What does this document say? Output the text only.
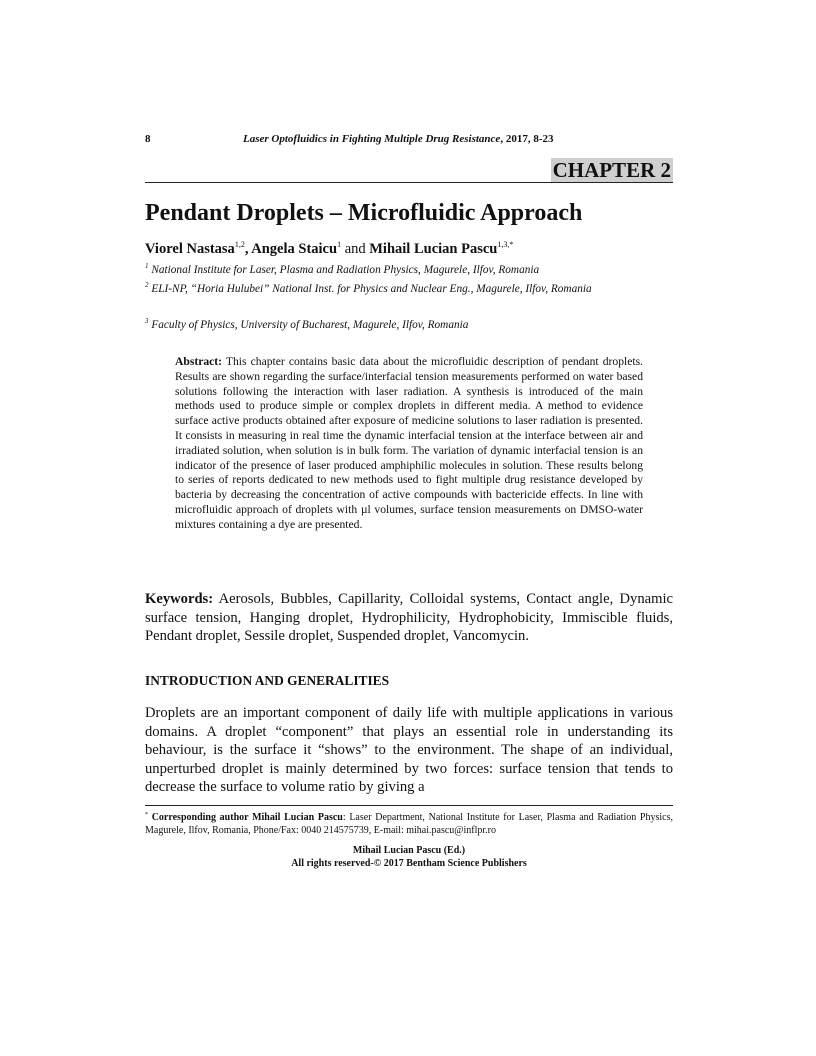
8	Laser Optofluidics in Fighting Multiple Drug Resistance, 2017, 8-23
CHAPTER 2
Pendant Droplets – Microfluidic Approach
Viorel Nastasa$^{1,2}$, Angela Staicu$^1$ and Mihail Lucian Pascu$^{1,3,*}$
$^1$ National Institute for Laser, Plasma and Radiation Physics, Magurele, Ilfov, Romania
$^2$ ELI-NP, “Horia Hulubei” National Inst. for Physics and Nuclear Eng., Magurele, Ilfov, Romania
$^3$ Faculty of Physics, University of Bucharest, Magurele, Ilfov, Romania
Abstract: This chapter contains basic data about the microfluidic description of pendant droplets. Results are shown regarding the surface/interfacial tension measurements performed on water based solutions following the interaction with laser radiation. A synthesis is introduced of the main methods used to produce simple or complex droplets in different media. A method to evidence surface active products obtained after exposure of medicine solutions to laser radiation is presented. It consists in measuring in real time the dynamic interfacial tension at the interface between air and irradiated solution, when solution is in bulk form. The variation of dynamic interfacial tension is an indicator of the presence of laser produced amphiphilic molecules in solution. These results belong to series of reports dedicated to new methods used to fight multiple drug resistance developed by bacteria by decreasing the concentration of active compounds with bactericide effects. In line with microfluidic approach of droplets with µl volumes, surface tension measurements on DMSO-water mixtures containing a dye are presented.
Keywords: Aerosols, Bubbles, Capillarity, Colloidal systems, Contact angle, Dynamic surface tension, Hanging droplet, Hydrophilicity, Hydrophobicity, Immiscible fluids, Pendant droplet, Sessile droplet, Suspended droplet, Vancomycin.
INTRODUCTION AND GENERALITIES
Droplets are an important component of daily life with multiple applications in various domains. A droplet “component” that plays an essential role in understanding its behaviour, is the surface it “shows” to the environment. The shape of an individual, unperturbed droplet is mainly determined by two forces: surface tension that tends to decrease the surface to volume ratio by giving a
* Corresponding author Mihail Lucian Pascu: Laser Department, National Institute for Laser, Plasma and Radiation Physics, Magurele, Ilfov, Romania, Phone/Fax: 0040 214575739, E-mail: mihai.pascu@inflpr.ro
Mihail Lucian Pascu (Ed.)
All rights reserved-© 2017 Bentham Science Publishers
